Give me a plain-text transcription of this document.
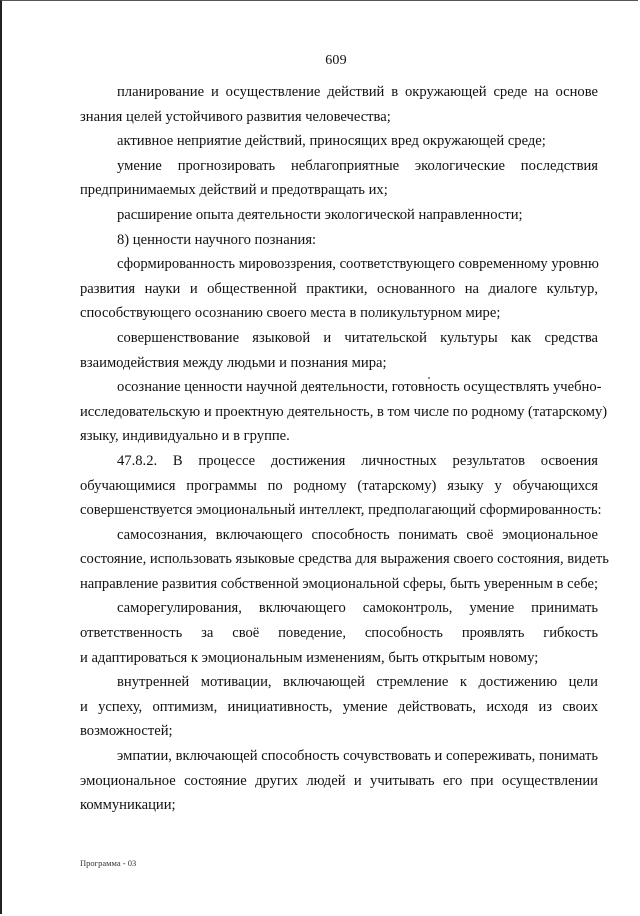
609
планирование и осуществление действий в окружающей среде на основе
знания целей устойчивого развития человечества;
активное неприятие действий, приносящих вред окружающей среде;
умение прогнозировать неблагоприятные экологические последствия
предпринимаемых действий и предотвращать их;
расширение опыта деятельности экологической направленности;
8) ценности научного познания:
сформированность мировоззрения, соответствующего современному уровню
развития науки и общественной практики, основанного на диалоге культур,
способствующего осознанию своего места в поликультурном мире;
совершенствование языковой и читательской культуры как средства
взаимодействия между людьми и познания мира;
осознание ценности научной деятельности, готовность осуществлять учебно-
исследовательскую и проектную деятельность, в том числе по родному (татарскому)
языку, индивидуально и в группе.
47.8.2. В процессе достижения личностных результатов освоения
обучающимися программы по родному (татарскому) языку у обучающихся
совершенствуется эмоциональный интеллект, предполагающий сформированность:
самосознания, включающего способность понимать своё эмоциональное
состояние, использовать языковые средства для выражения своего состояния, видеть
направление развития собственной эмоциональной сферы, быть уверенным в себе;
саморегулирования, включающего самоконтроль, умение принимать
ответственность за своё поведение, способность проявлять гибкость
и адаптироваться к эмоциональным изменениям, быть открытым новому;
внутренней мотивации, включающей стремление к достижению цели
и успеху, оптимизм, инициативность, умение действовать, исходя из своих
возможностей;
эмпатии, включающей способность сочувствовать и сопереживать, понимать
эмоциональное состояние других людей и учитывать его при осуществлении
коммуникации;
Программа - 03
